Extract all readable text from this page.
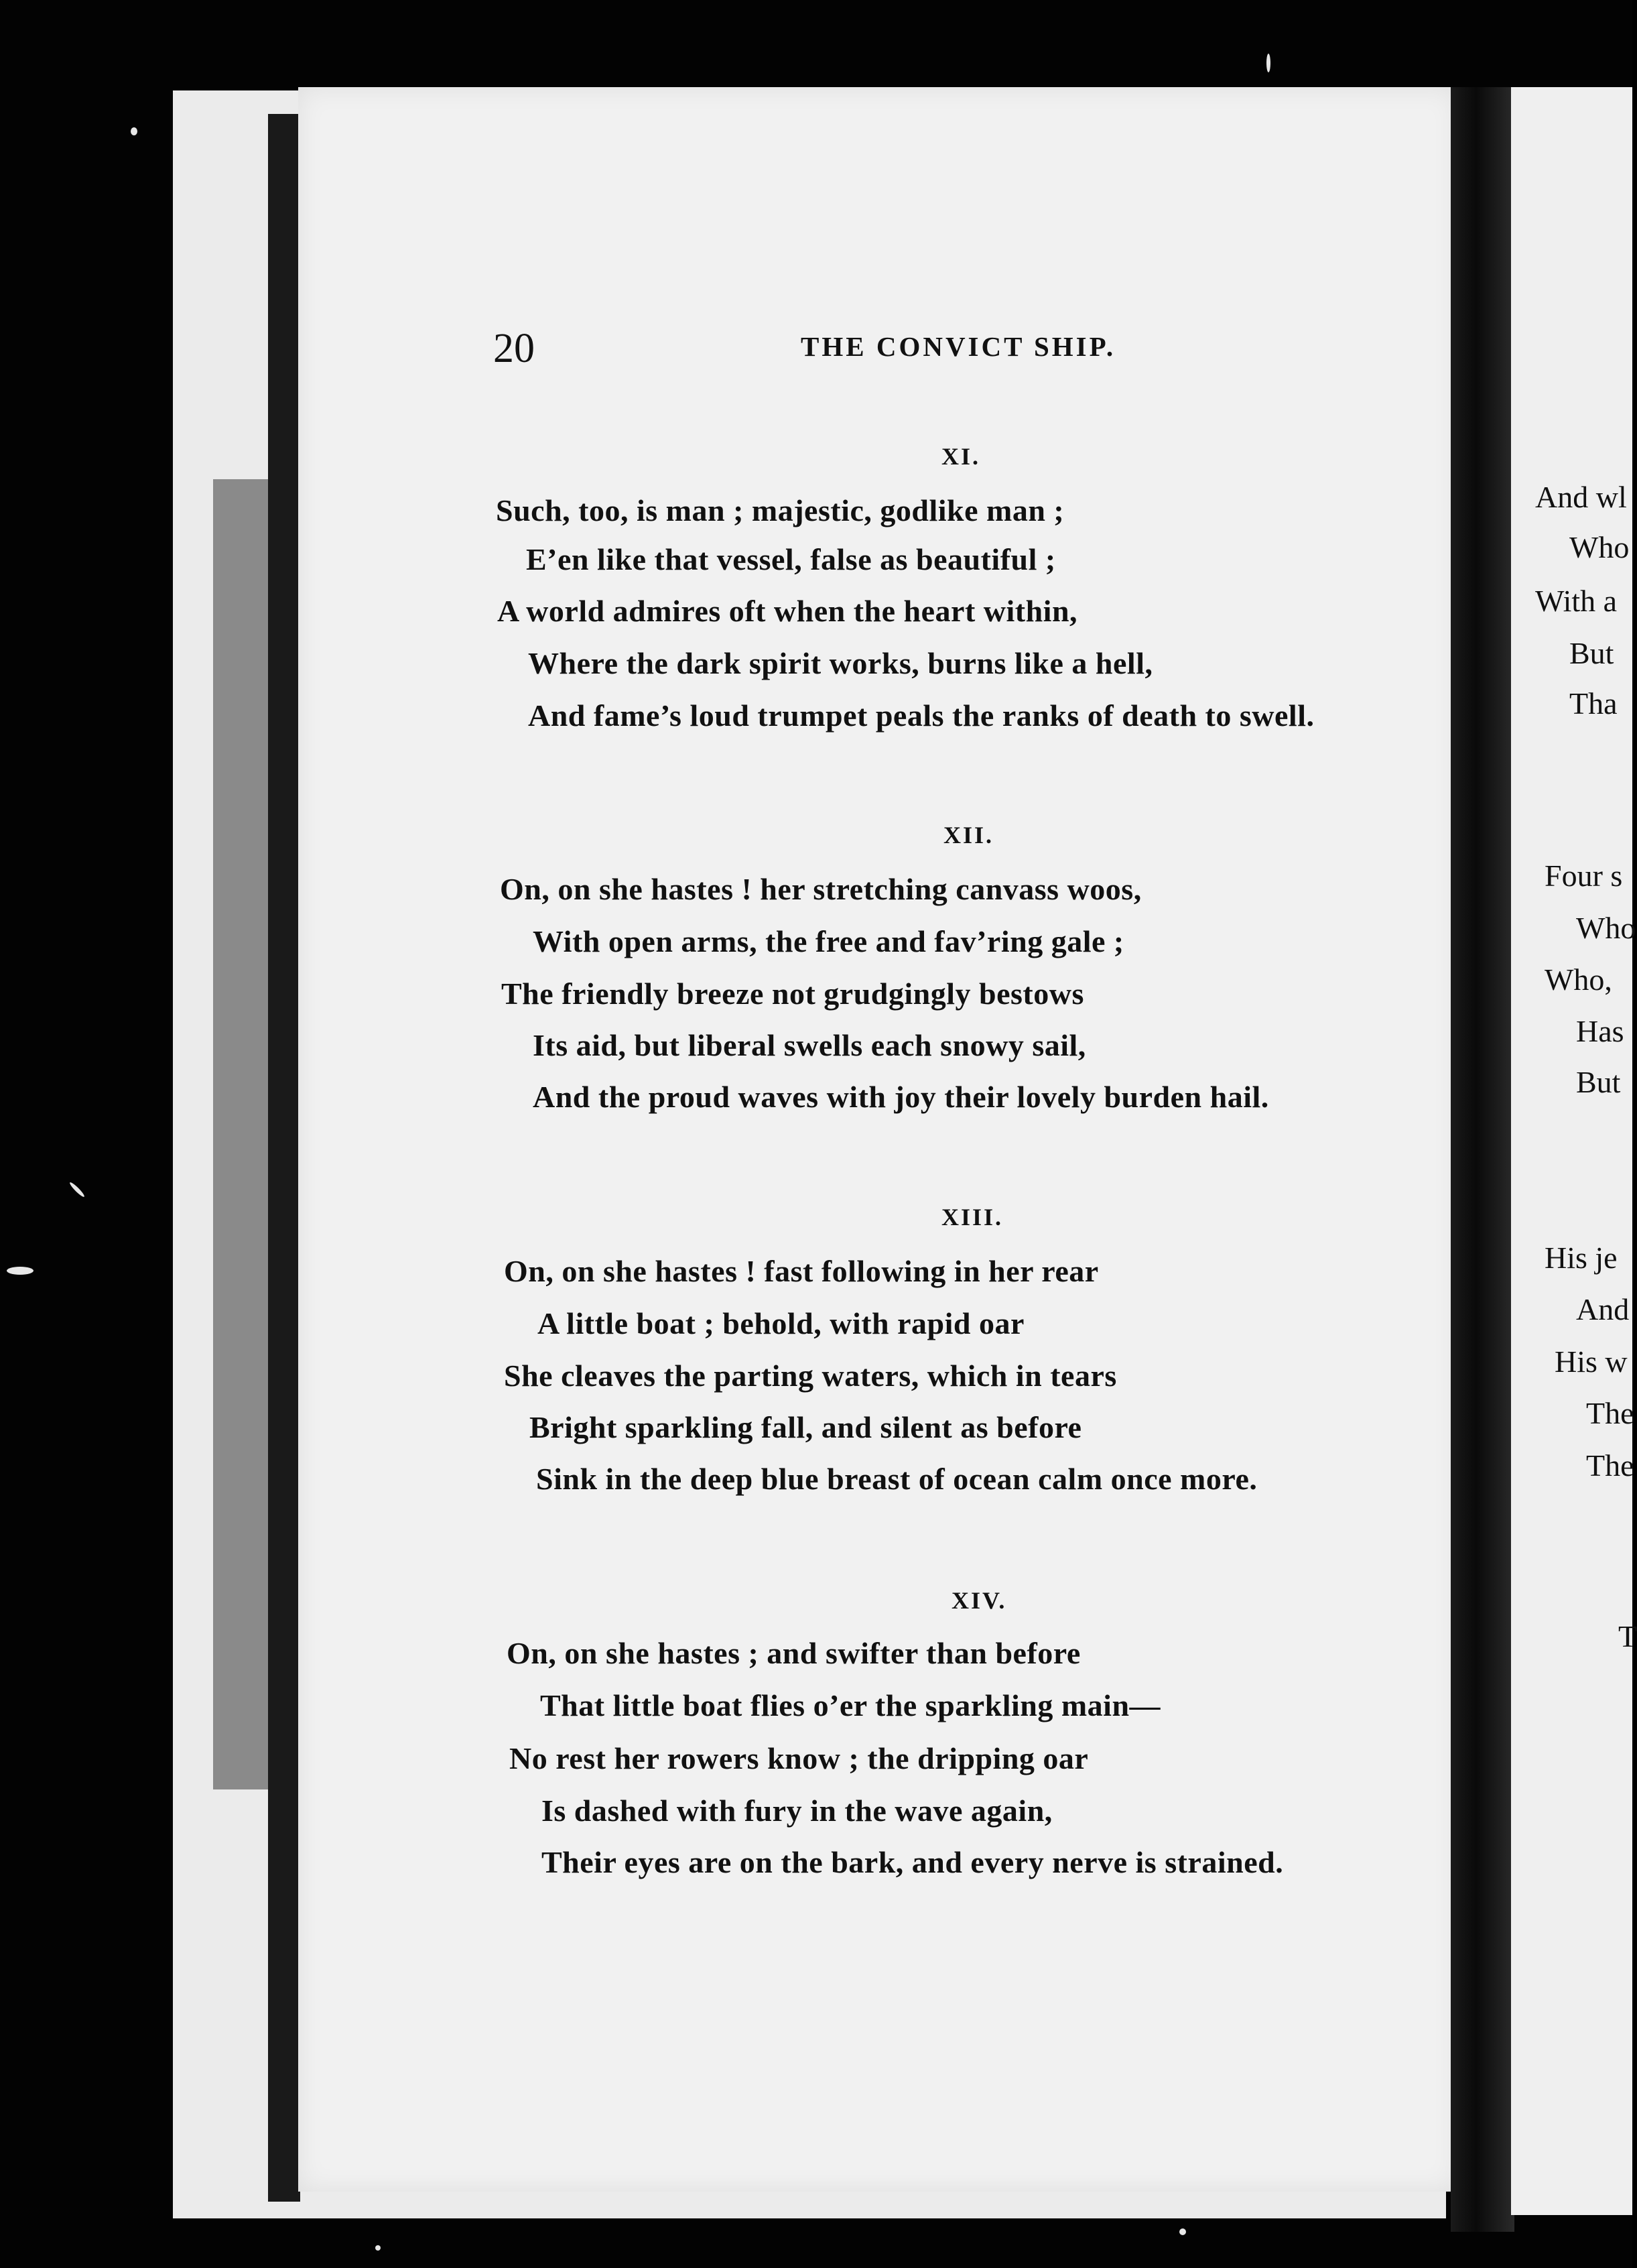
20	THE CONVICT SHIP.
XI.
Such, too, is man ; majestic, godlike man ;
E’en like that vessel, false as beautiful ;
A world admires oft when the heart within,
Where the dark spirit works, burns like a hell,
And fame’s loud trumpet peals the ranks of death to swell.
XII.
On, on she hastes ! her stretching canvass woos,
With open arms, the free and fav’ring gale ;
The friendly breeze not grudgingly bestows
Its aid, but liberal swells each snowy sail,
And the proud waves with joy their lovely burden hail.
XIII.
On, on she hastes ! fast following in her rear
A little boat ; behold, with rapid oar
She cleaves the parting waters, which in tears
Bright sparkling fall, and silent as before
Sink in the deep blue breast of ocean calm once more.
XIV.
On, on she hastes ; and swifter than before
That little boat flies o’er the sparkling main—
No rest her rowers know ; the dripping oar
Is dashed with fury in the wave again,
Their eyes are on the bark, and every nerve is strained.
And wl
Who
With a
But
Tha
Four s
Who
Who,
Has
But
His je
And
His w
The
The
T
